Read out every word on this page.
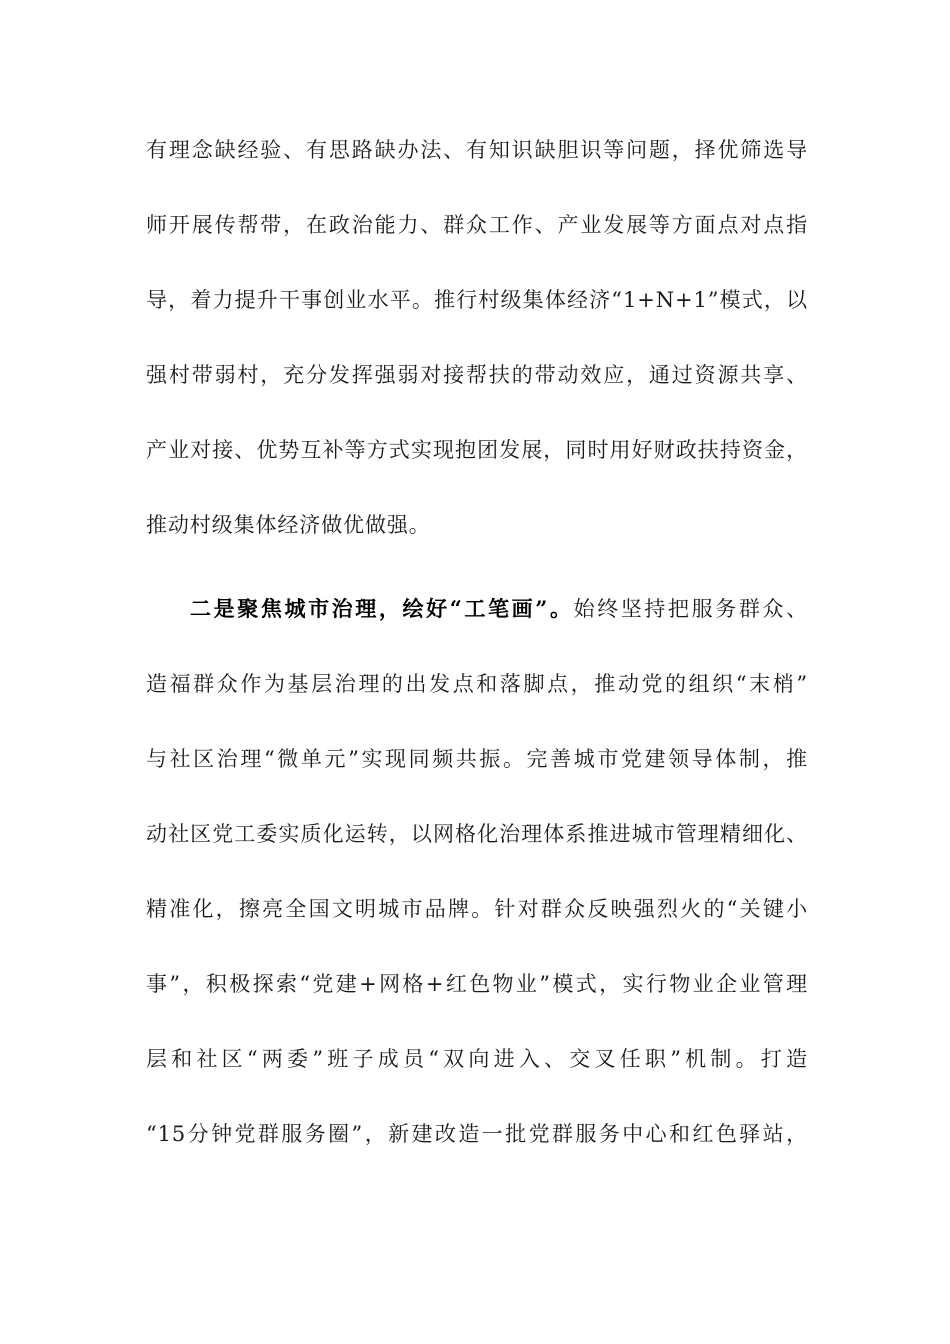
有理念缺经验、有思路缺办法、有知识缺胆识等问题，择优筛选导
师开展传帮带，在政治能力、群众工作、产业发展等方面点对点指
导，着力提升干事创业水平。推行村级集体经济“1+N+1”模式，以
强村带弱村，充分发挥强弱对接帮扶的带动效应，通过资源共享、
产业对接、优势互补等方式实现抱团发展，同时用好财政扶持资金，
推动村级集体经济做优做强。
二是聚焦城市治理，绘好“工笔画”。始终坚持把服务群众、
造福群众作为基层治理的出发点和落脚点，推动党的组织“末梢”
与社区治理“微单元”实现同频共振。完善城市党建领导体制，推
动社区党工委实质化运转，以网格化治理体系推进城市管理精细化、
精准化，擦亮全国文明城市品牌。针对群众反映强烈火的“关键小
事”，积极探索“党建+网格+红色物业”模式，实行物业企业管理
层和社区“两委”班子成员“双向进入、交叉任职”机制。打造
“15分钟党群服务圈”，新建改造一批党群服务中心和红色驿站，
